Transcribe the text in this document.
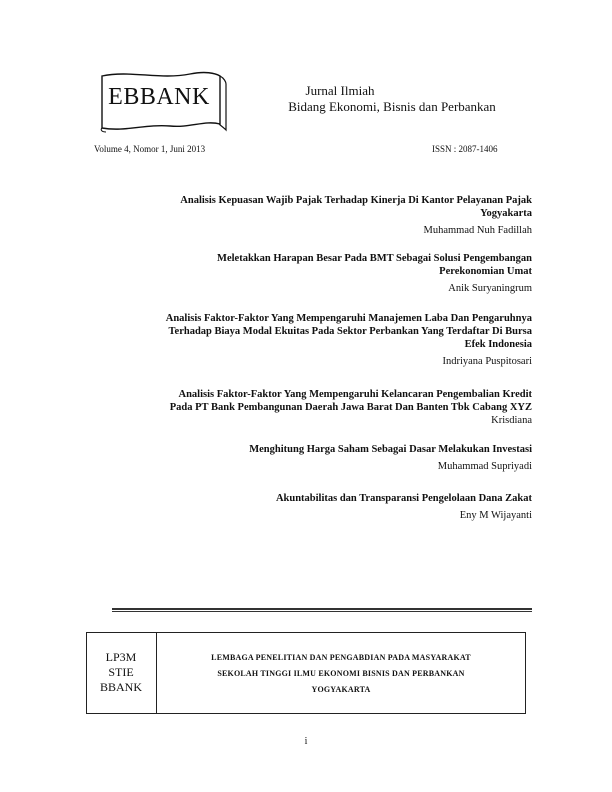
EBBANK	Jurnal Ilmiah
Bidang Ekonomi, Bisnis dan Perbankan
Volume 4, Nomor 1, Juni 2013	ISSN : 2087-1406
Analisis Kepuasan Wajib Pajak Terhadap Kinerja Di Kantor Pelayanan Pajak
Yogyakarta
Muhammad Nuh Fadillah
Meletakkan Harapan Besar Pada BMT Sebagai Solusi Pengembangan
Perekonomian Umat
Anik Suryaningrum
Analisis Faktor-Faktor Yang Mempengaruhi Manajemen Laba Dan Pengaruhnya
Terhadap Biaya Modal Ekuitas Pada Sektor Perbankan Yang Terdaftar Di Bursa
Efek Indonesia
Indriyana Puspitosari
Analisis Faktor-Faktor Yang Mempengaruhi Kelancaran Pengembalian Kredit
Pada PT Bank Pembangunan Daerah Jawa Barat Dan Banten Tbk Cabang XYZ
Krisdiana
Menghitung Harga Saham Sebagai Dasar Melakukan Investasi
Muhammad Supriyadi
Akuntabilitas dan Transparansi Pengelolaan Dana Zakat
Eny M Wijayanti
LP3M
STIE
BBANK
LEMBAGA PENELITIAN DAN PENGABDIAN PADA MASYARAKAT
SEKOLAH TINGGI ILMU EKONOMI BISNIS DAN PERBANKAN
YOGYAKARTA
i
